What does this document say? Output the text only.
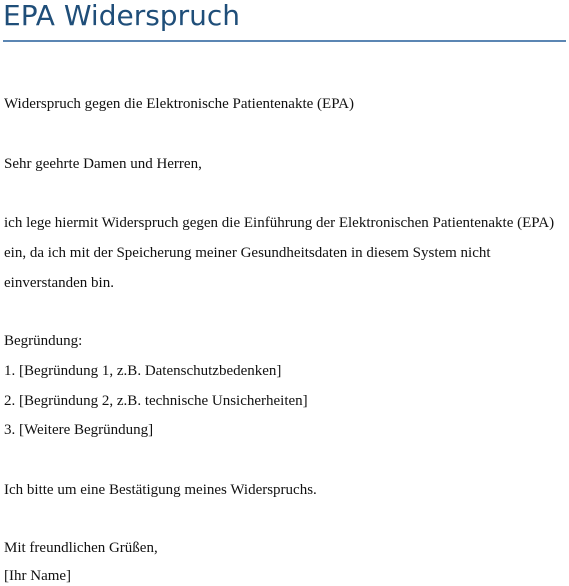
EPA Widerspruch

Widerspruch gegen die Elektronische Patientenakte (EPA)

Sehr geehrte Damen und Herren,

ich lege hiermit Widerspruch gegen die Einführung der Elektronischen Patientenakte (EPA)

ein, da ich mit der Speicherung meiner Gesundheitsdaten in diesem System nicht

einverstanden bin.

Begründung:

1. [Begründung 1, z.B. Datenschutzbedenken]

2. [Begründung 2, z.B. technische Unsicherheiten]

3. [Weitere Begründung]

Ich bitte um eine Bestätigung meines Widerspruchs.

Mit freundlichen Grüßen,

[Ihr Name]
